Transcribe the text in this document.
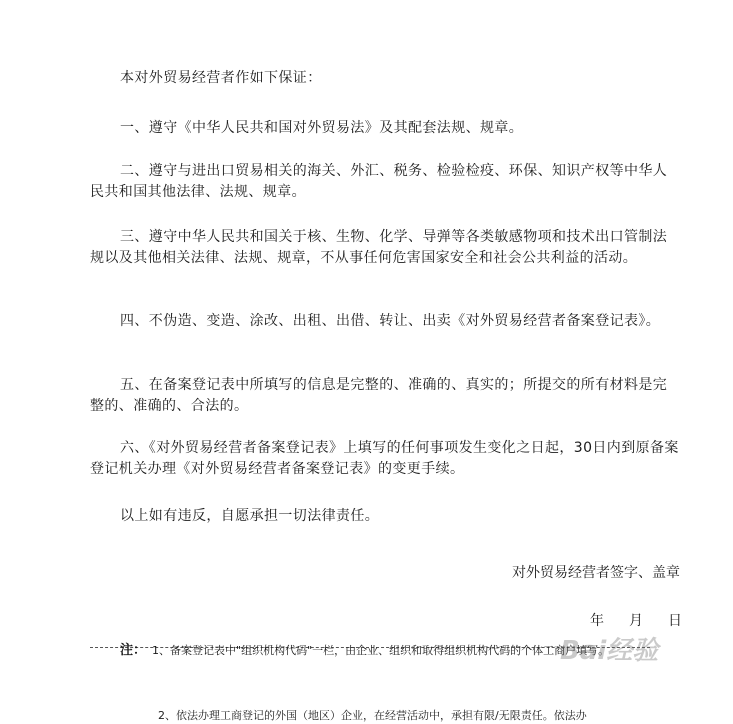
本对外贸易经营者作如下保证：
一、遵守《中华人民共和国对外贸易法》及其配套法规、规章。
二、遵守与进出口贸易相关的海关、外汇、税务、检验检疫、环保、知识产权等中华人民共和国其他法律、法规、规章。
三、遵守中华人民共和国关于核、生物、化学、导弹等各类敏感物项和技术出口管制法规以及其他相关法律、法规、规章，不从事任何危害国家安全和社会公共利益的活动。
四、不伪造、变造、涂改、出租、出借、转让、出卖《对外贸易经营者备案登记表》。
五、在备案登记表中所填写的信息是完整的、准确的、真实的；所提交的所有材料是完整的、准确的、合法的。
六、《对外贸易经营者备案登记表》上填写的任何事项发生变化之日起，30日内到原备案登记机关办理《对外贸易经营者备案登记表》的变更手续。
以上如有违反，自愿承担一切法律责任。
对外贸易经营者签字、盖章
年 月 日
注： 1、备案登记表中"组织机构代码"一栏，由企业、组织和取得组织机构代码的个体工商户填写。
2、依法办理工商登记的外国（地区）企业，在经营活动中，承担有限/无限责任。依法办
Bai经验
